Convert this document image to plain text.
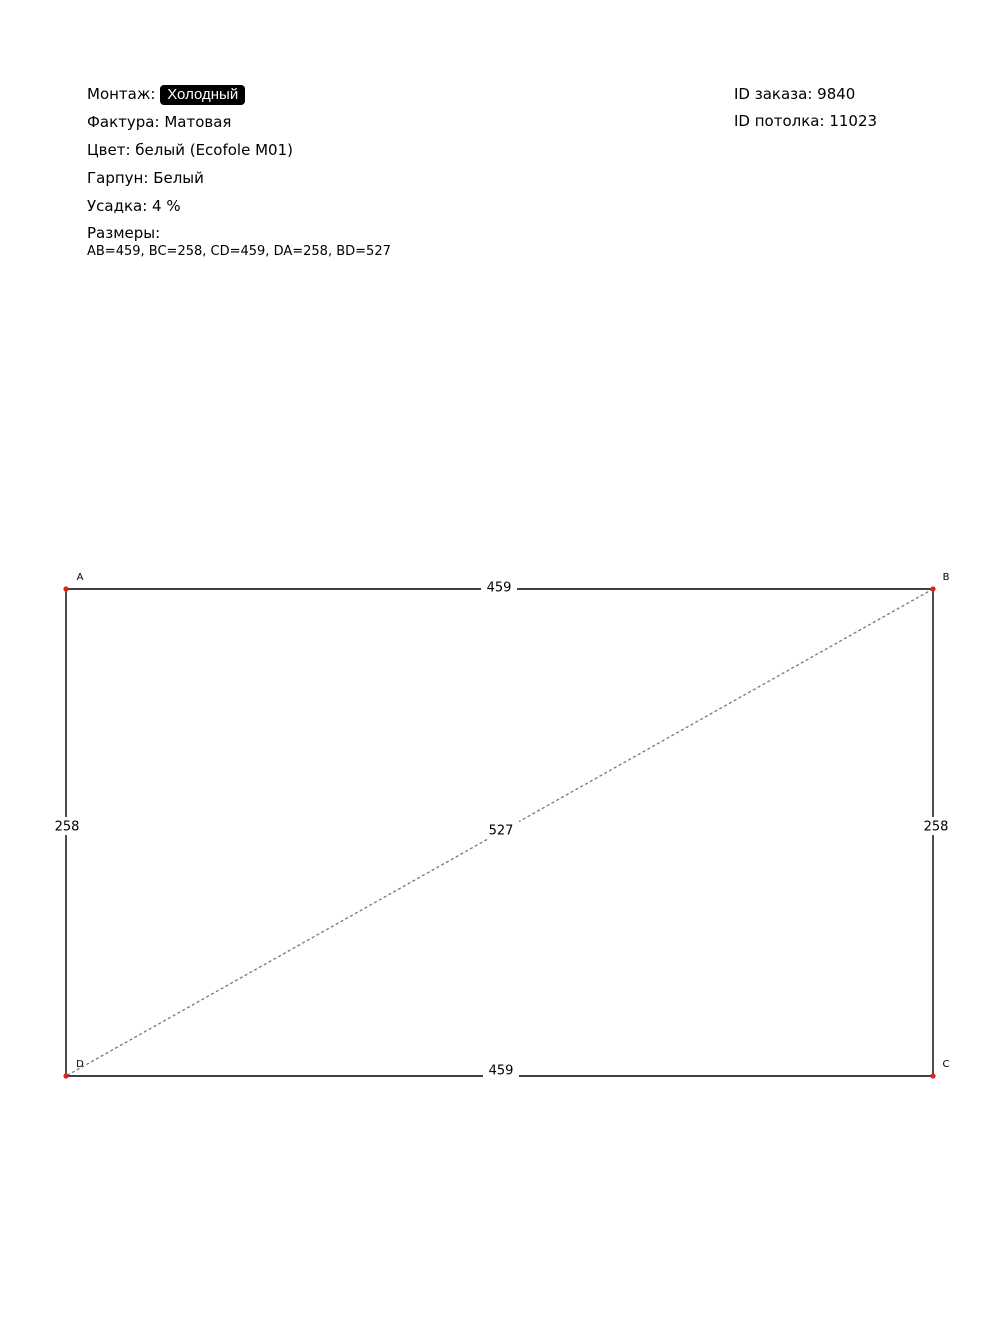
Монтаж: Холодный
Фактура: Матовая
Цвет: белый (Ecofole M01)
Гарпун: Белый
Усадка: 4 %
Размеры:
AB=459, BC=258, CD=459, DA=258, BD=527
ID заказа: 9840
ID потолка: 11023
459
258
459
258	527
A	B
C
D
